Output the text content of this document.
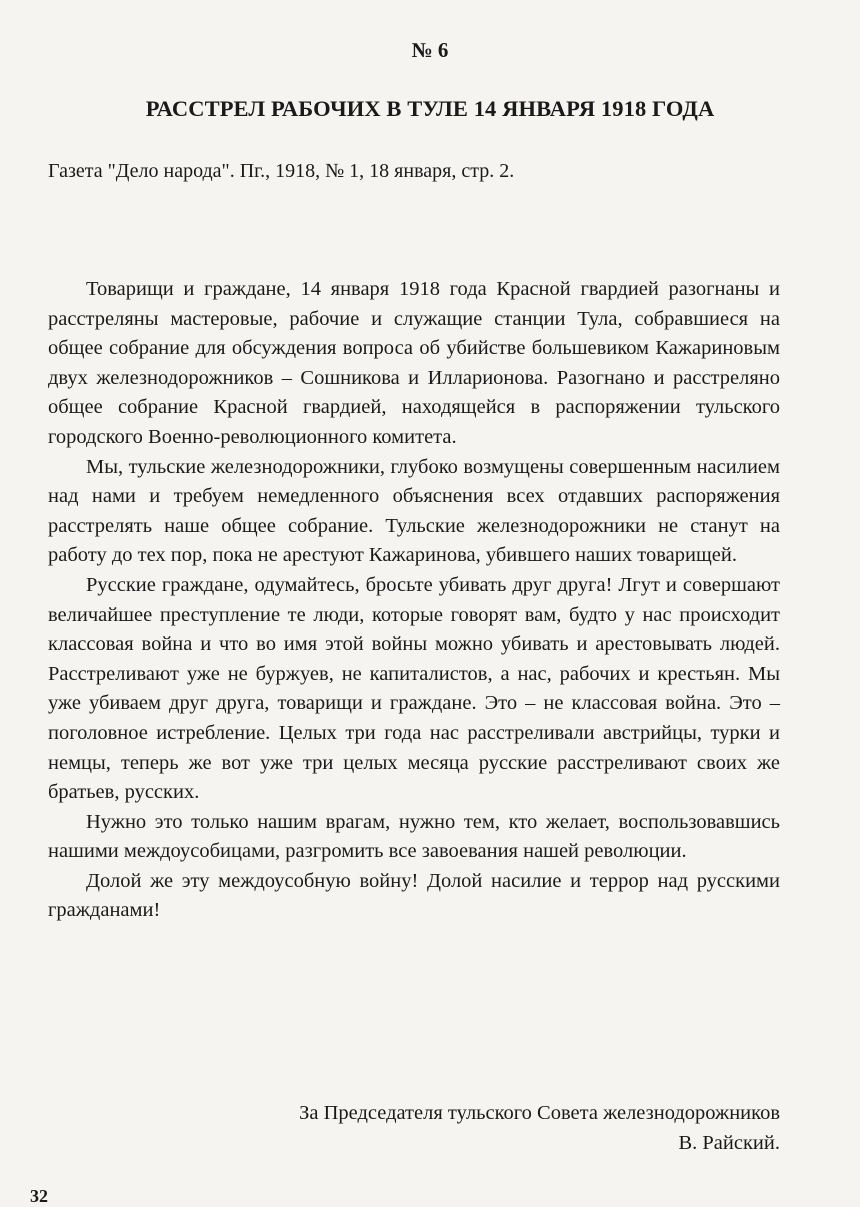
№ 6
РАССТРЕЛ РАБОЧИХ В ТУЛЕ 14 ЯНВАРЯ 1918 ГОДА
Газета "Дело народа". Пг., 1918, № 1, 18 января, стр. 2.

Товарищи и граждане, 14 января 1918 года Красной гвардией разогнаны и расстреляны мастеровые, рабочие и служащие станции Тула, собравшиеся на общее собрание для обсуждения вопроса об убийстве большевиком Кажариновым двух железнодорожников – Сошникова и Илларионова. Разогнано и расстреляно общее собрание Красной гвардией, находящейся в распоряжении тульского городского Военно-революционного комитета.

Мы, тульские железнодорожники, глубоко возмущены совершенным насилием над нами и требуем немедленного объяснения всех отдавших распоряжения расстрелять наше общее собрание. Тульские железнодорожники не станут на работу до тех пор, пока не арестуют Кажаринова, убившего наших товарищей.

Русские граждане, одумайтесь, бросьте убивать друг друга! Лгут и совершают величайшее преступление те люди, которые говорят вам, будто у нас происходит классовая война и что во имя этой войны можно убивать и арестовывать людей. Расстреливают уже не буржуев, не капиталистов, а нас, рабочих и крестьян. Мы уже убиваем друг друга, товарищи и граждане. Это – не классовая война. Это – поголовное истребление. Целых три года нас расстреливали австрийцы, турки и немцы, теперь же вот уже три целых месяца русские расстреливают своих же братьев, русских.

Нужно это только нашим врагам, нужно тем, кто желает, воспользовавшись нашими междоусобицами, разгромить все завоевания нашей революции.

Долой же эту междоусобную войну! Долой насилие и террор над русскими гражданами!

За Председателя тульского Совета железнодорожников
В. Райский.
32
